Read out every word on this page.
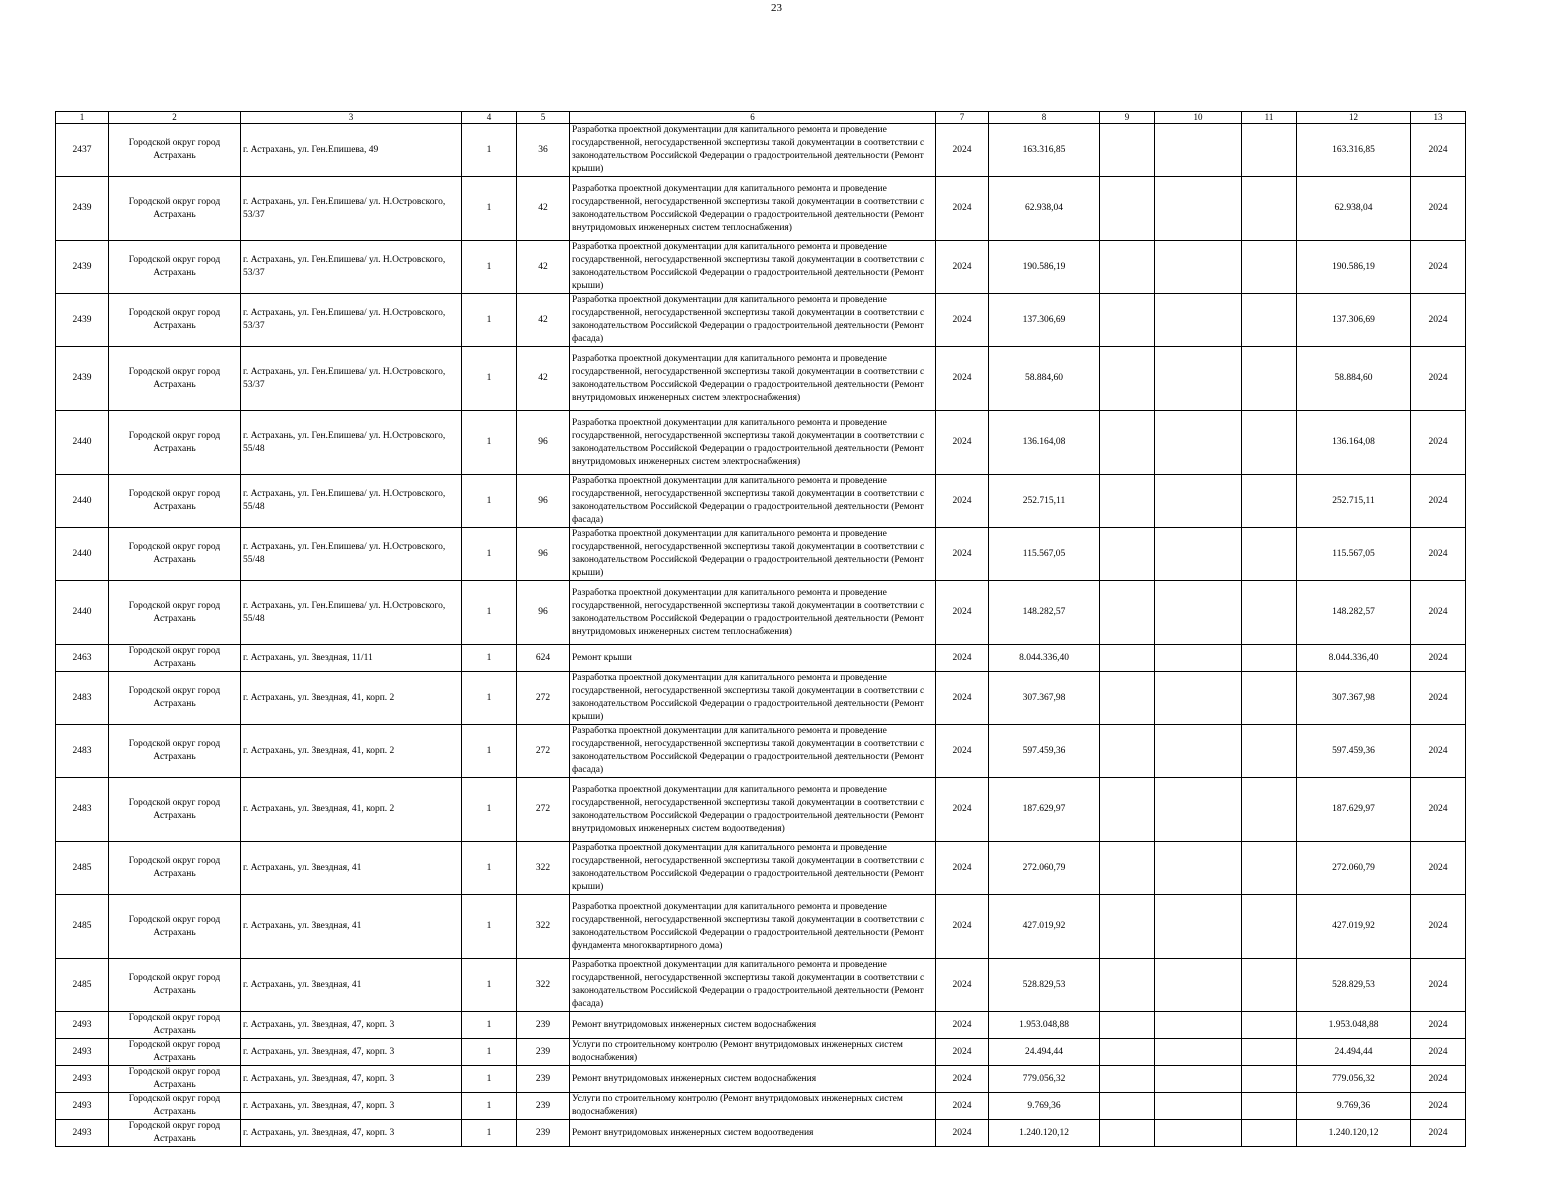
23
1	2	3	4	5	6	7	8	9	10	11	12	13
2437	Городской округ город Астрахань	г. Астрахань, ул. Ген.Епишева, 49	1	36	Разработка проектной документации для капитального ремонта и проведение государственной, негосударственной экспертизы такой документации в соответствии с законодательством Российской Федерации о градостроительной деятельности (Ремонт крыши)	2024	163.316,85				163.316,85	2024
2439	Городской округ город Астрахань	г. Астрахань, ул. Ген.Епишева/ ул. Н.Островского, 53/37	1	42	Разработка проектной документации для капитального ремонта и проведение государственной, негосударственной экспертизы такой документации в соответствии с законодательством Российской Федерации о градостроительной деятельности (Ремонт внутридомовых инженерных систем теплоснабжения)	2024	62.938,04				62.938,04	2024
2439	Городской округ город Астрахань	г. Астрахань, ул. Ген.Епишева/ ул. Н.Островского, 53/37	1	42	Разработка проектной документации для капитального ремонта и проведение государственной, негосударственной экспертизы такой документации в соответствии с законодательством Российской Федерации о градостроительной деятельности (Ремонт крыши)	2024	190.586,19				190.586,19	2024
2439	Городской округ город Астрахань	г. Астрахань, ул. Ген.Епишева/ ул. Н.Островского, 53/37	1	42	Разработка проектной документации для капитального ремонта и проведение государственной, негосударственной экспертизы такой документации в соответствии с законодательством Российской Федерации о градостроительной деятельности (Ремонт фасада)	2024	137.306,69				137.306,69	2024
2439	Городской округ город Астрахань	г. Астрахань, ул. Ген.Епишева/ ул. Н.Островского, 53/37	1	42	Разработка проектной документации для капитального ремонта и проведение государственной, негосударственной экспертизы такой документации в соответствии с законодательством Российской Федерации о градостроительной деятельности (Ремонт внутридомовых инженерных систем электроснабжения)	2024	58.884,60				58.884,60	2024
2440	Городской округ город Астрахань	г. Астрахань, ул. Ген.Епишева/ ул. Н.Островского, 55/48	1	96	Разработка проектной документации для капитального ремонта и проведение государственной, негосударственной экспертизы такой документации в соответствии с законодательством Российской Федерации о градостроительной деятельности (Ремонт внутридомовых инженерных систем электроснабжения)	2024	136.164,08				136.164,08	2024
2440	Городской округ город Астрахань	г. Астрахань, ул. Ген.Епишева/ ул. Н.Островского, 55/48	1	96	Разработка проектной документации для капитального ремонта и проведение государственной, негосударственной экспертизы такой документации в соответствии с законодательством Российской Федерации о градостроительной деятельности (Ремонт фасада)	2024	252.715,11				252.715,11	2024
2440	Городской округ город Астрахань	г. Астрахань, ул. Ген.Епишева/ ул. Н.Островского, 55/48	1	96	Разработка проектной документации для капитального ремонта и проведение государственной, негосударственной экспертизы такой документации в соответствии с законодательством Российской Федерации о градостроительной деятельности (Ремонт крыши)	2024	115.567,05				115.567,05	2024
2440	Городской округ город Астрахань	г. Астрахань, ул. Ген.Епишева/ ул. Н.Островского, 55/48	1	96	Разработка проектной документации для капитального ремонта и проведение государственной, негосударственной экспертизы такой документации в соответствии с законодательством Российской Федерации о градостроительной деятельности (Ремонт внутридомовых инженерных систем теплоснабжения)	2024	148.282,57				148.282,57	2024
2463	Городской округ город Астрахань	г. Астрахань, ул. Звездная, 11/11	1	624	Ремонт крыши	2024	8.044.336,40				8.044.336,40	2024
2483	Городской округ город Астрахань	г. Астрахань, ул. Звездная, 41, корп. 2	1	272	Разработка проектной документации для капитального ремонта и проведение государственной, негосударственной экспертизы такой документации в соответствии с законодательством Российской Федерации о градостроительной деятельности (Ремонт крыши)	2024	307.367,98				307.367,98	2024
2483	Городской округ город Астрахань	г. Астрахань, ул. Звездная, 41, корп. 2	1	272	Разработка проектной документации для капитального ремонта и проведение государственной, негосударственной экспертизы такой документации в соответствии с законодательством Российской Федерации о градостроительной деятельности (Ремонт фасада)	2024	597.459,36				597.459,36	2024
2483	Городской округ город Астрахань	г. Астрахань, ул. Звездная, 41, корп. 2	1	272	Разработка проектной документации для капитального ремонта и проведение государственной, негосударственной экспертизы такой документации в соответствии с законодательством Российской Федерации о градостроительной деятельности (Ремонт внутридомовых инженерных систем водоотведения)	2024	187.629,97				187.629,97	2024
2485	Городской округ город Астрахань	г. Астрахань, ул. Звездная, 41	1	322	Разработка проектной документации для капитального ремонта и проведение государственной, негосударственной экспертизы такой документации в соответствии с законодательством Российской Федерации о градостроительной деятельности (Ремонт крыши)	2024	272.060,79				272.060,79	2024
2485	Городской округ город Астрахань	г. Астрахань, ул. Звездная, 41	1	322	Разработка проектной документации для капитального ремонта и проведение государственной, негосударственной экспертизы такой документации в соответствии с законодательством Российской Федерации о градостроительной деятельности (Ремонт фундамента многоквартирного дома)	2024	427.019,92				427.019,92	2024
2485	Городской округ город Астрахань	г. Астрахань, ул. Звездная, 41	1	322	Разработка проектной документации для капитального ремонта и проведение государственной, негосударственной экспертизы такой документации в соответствии с законодательством Российской Федерации о градостроительной деятельности (Ремонт фасада)	2024	528.829,53				528.829,53	2024
2493	Городской округ город Астрахань	г. Астрахань, ул. Звездная, 47, корп. 3	1	239	Ремонт внутридомовых инженерных систем водоснабжения	2024	1.953.048,88				1.953.048,88	2024
2493	Городской округ город Астрахань	г. Астрахань, ул. Звездная, 47, корп. 3	1	239	Услуги по строительному контролю (Ремонт внутридомовых инженерных систем водоснабжения)	2024	24.494,44				24.494,44	2024
2493	Городской округ город Астрахань	г. Астрахань, ул. Звездная, 47, корп. 3	1	239	Ремонт внутридомовых инженерных систем водоснабжения	2024	779.056,32				779.056,32	2024
2493	Городской округ город Астрахань	г. Астрахань, ул. Звездная, 47, корп. 3	1	239	Услуги по строительному контролю (Ремонт внутридомовых инженерных систем водоснабжения)	2024	9.769,36				9.769,36	2024
2493	Городской округ город Астрахань	г. Астрахань, ул. Звездная, 47, корп. 3	1	239	Ремонт внутридомовых инженерных систем водоотведения	2024	1.240.120,12				1.240.120,12	2024
